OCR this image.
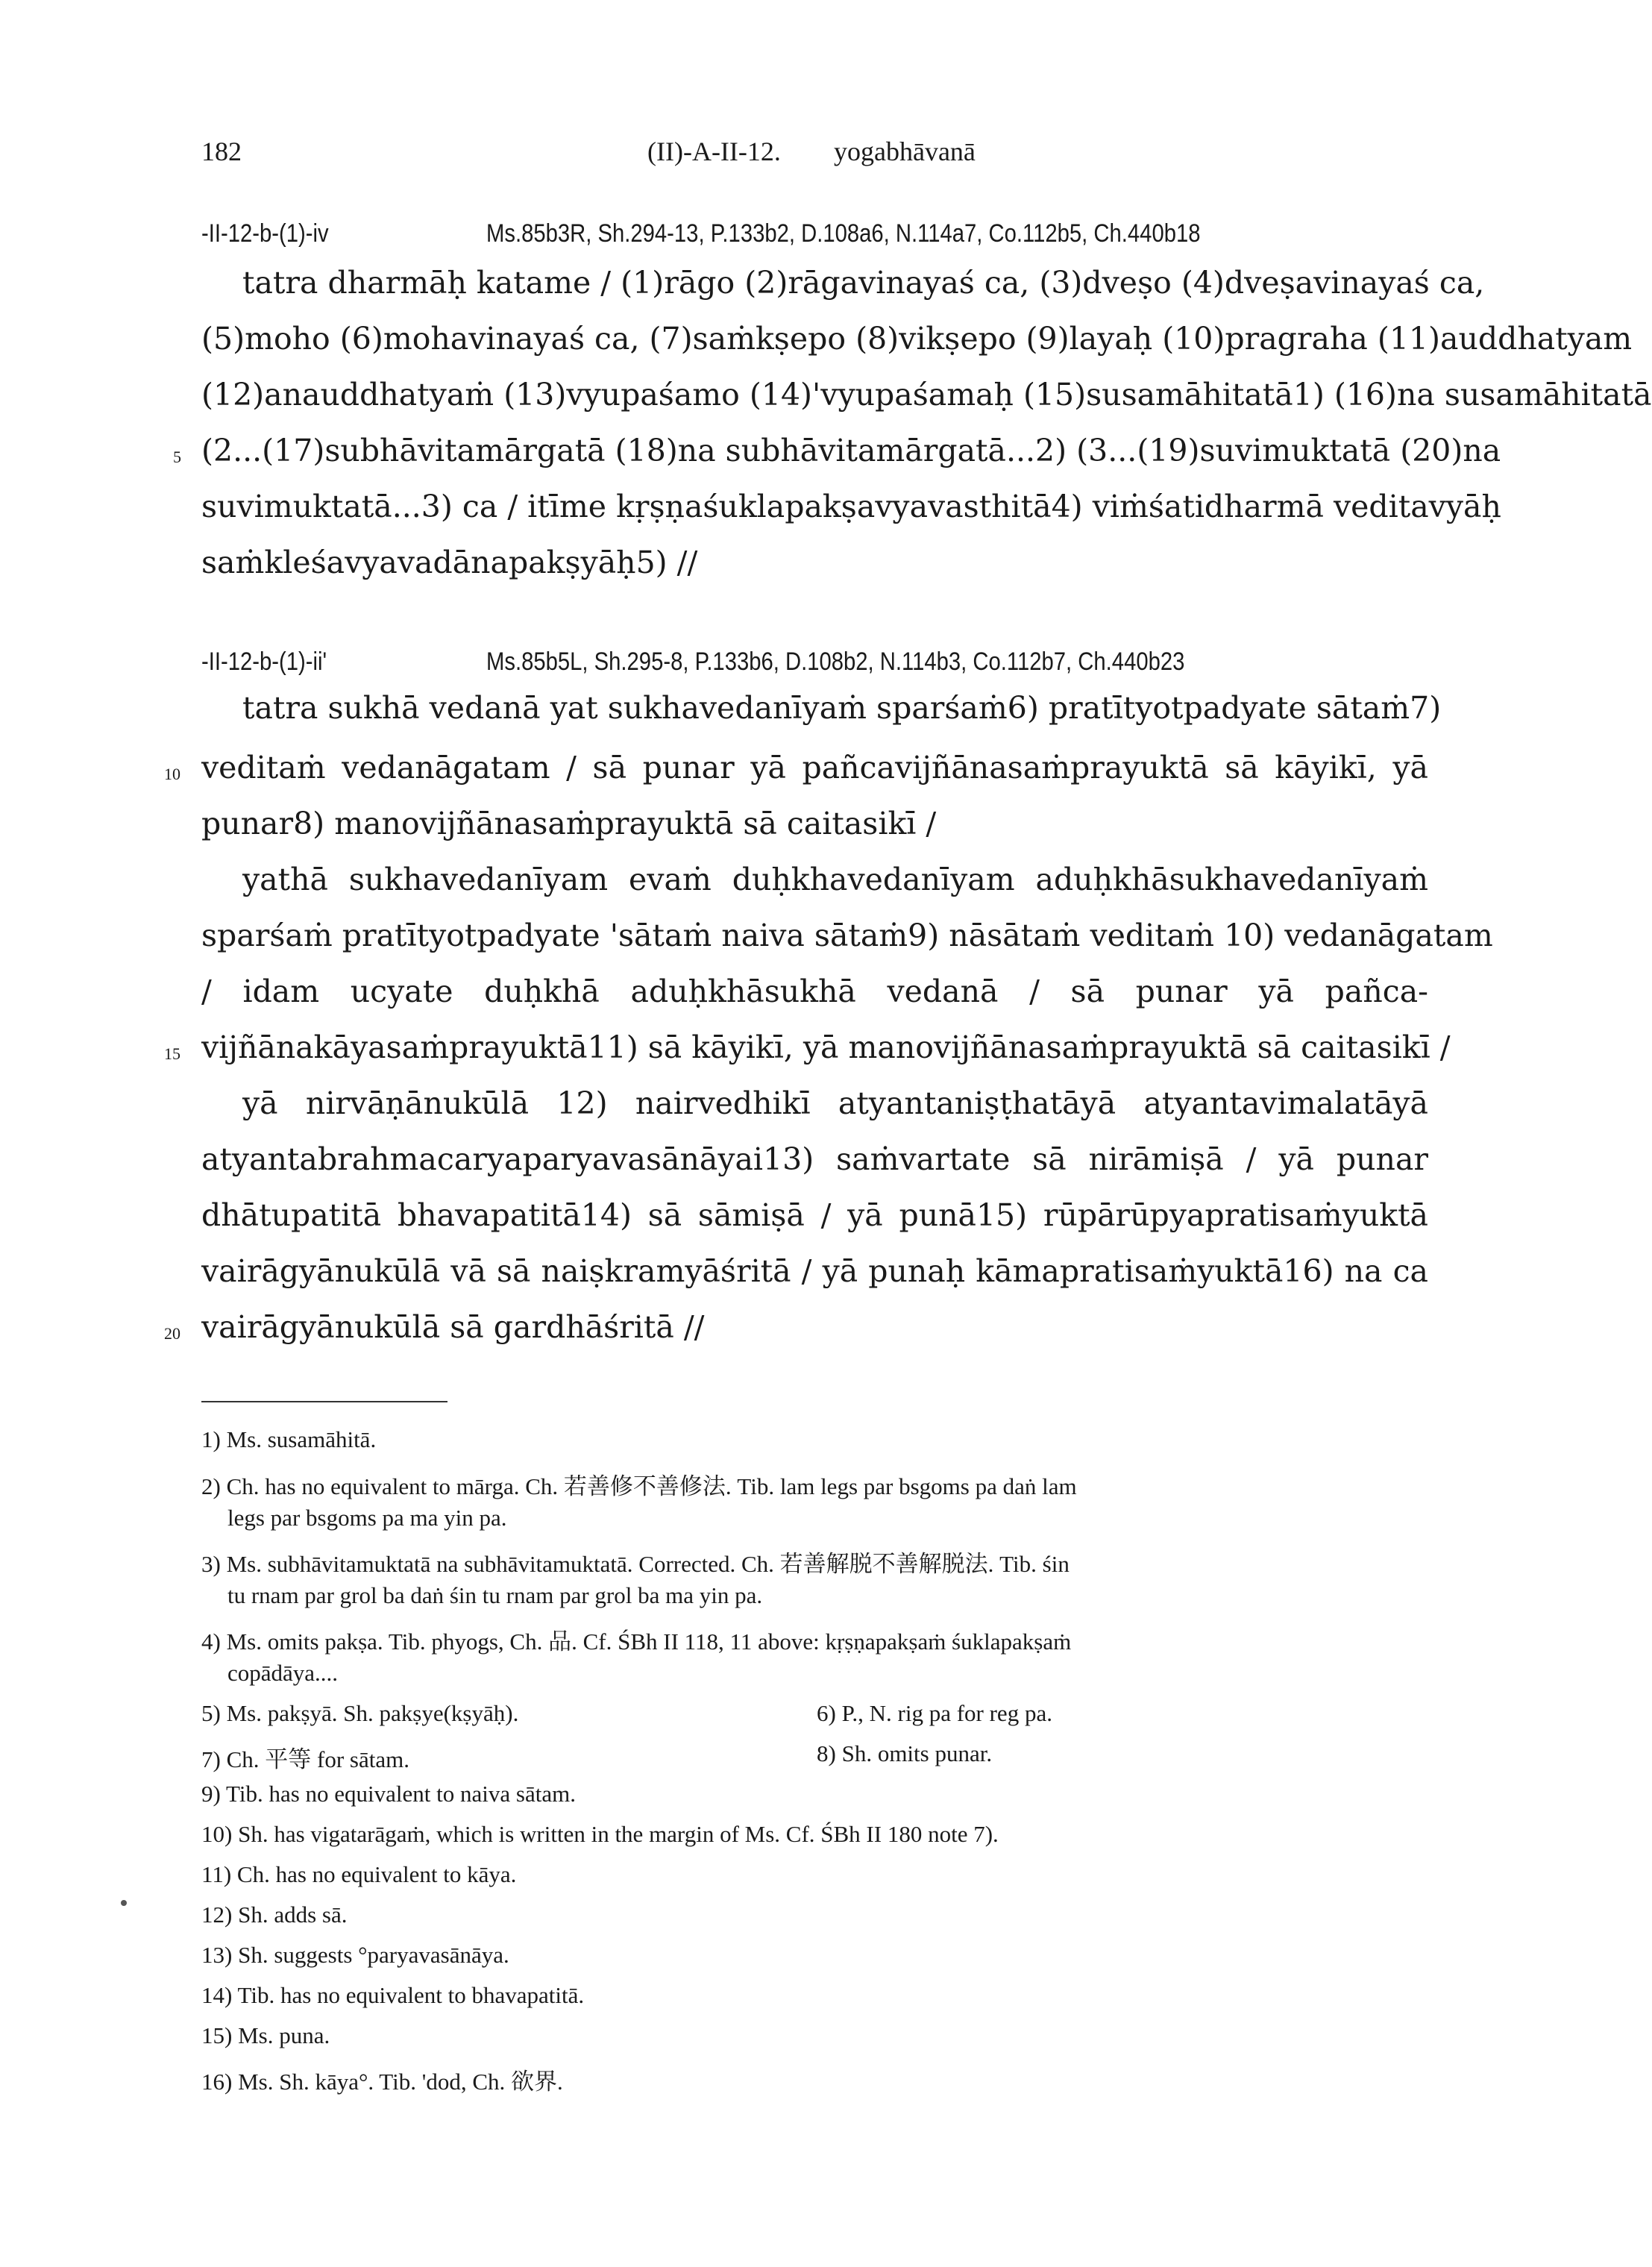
182	(II)-A-II-12. yogabhāvanā
-II-12-b-(1)-iv	Ms.85b3R, Sh.294-13, P.133b2, D.108a6, N.114a7, Co.112b5, Ch.440b18
tatra dharmāḥ katame / (1)rāgo (2)rāgavinayaś ca, (3)dveṣo (4)dveṣavinayaś ca,
(5)moho (6)mohavinayaś ca, (7)saṁkṣepo (8)vikṣepo (9)layaḥ (10)pragraha (11)auddhatyam
(12)anauddhatyaṁ (13)vyupaśamo (14)'vyupaśamaḥ (15)susamāhitatā1) (16)na susamāhitatā
(2...(17)subhāvitamārgatā (18)na subhāvitamārgatā...2) (3...(19)suvimuktatā (20)na
suvimuktatā...3) ca / itīme kṛṣṇaśuklapakṣavyavasthitā4) viṁśatidharmā veditavyāḥ
saṁkleśavyavadānapakṣyāḥ5) //
-II-12-b-(1)-ii'	Ms.85b5L, Sh.295-8, P.133b6, D.108b2, N.114b3, Co.112b7, Ch.440b23
tatra sukhā vedanā yat sukhavedanīyaṁ sparśaṁ6) pratītyotpadyate sātaṁ7)
veditaṁ vedanāgatam / sā punar yā pañcavijñānasaṁprayuktā sā kāyikī, yā
punar8) manovijñānasaṁprayuktā sā caitasikī /
yathā sukhavedanīyam evaṁ duḥkhavedanīyam aduḥkhāsukhavedanīyaṁ
sparśaṁ pratītyotpadyate 'sātaṁ naiva sātaṁ9) nāsātaṁ veditaṁ 10) vedanāgatam
/ idam ucyate duḥkhā aduḥkhāsukhā vedanā / sā punar yā pañca-
vijñānakāyasaṁprayuktā11) sā kāyikī, yā manovijñānasaṁprayuktā sā caitasikī /
yā nirvāṇānukūlā 12) nairvedhikī atyantaniṣṭhatāyā atyantavimalatāyā
atyantabrahmacaryaparyavasānāyai13) saṁvartate sā nirāmiṣā / yā punar
dhātupatitā bhavapatitā14) sā sāmiṣā / yā punā15) rūpārūpyapratisaṁyuktā
vairāgyānukūlā vā sā naiṣkramyāśritā / yā punaḥ kāmapratisaṁyuktā16) na ca
vairāgyānukūlā sā gardhāśritā //
5
10
15
20
1) Ms. susamāhitā.
2) Ch. has no equivalent to mārga. Ch. 若善修不善修法. Tib. lam legs par bsgoms pa daṅ lam
legs par bsgoms pa ma yin pa.
3) Ms. subhāvitamuktatā na subhāvitamuktatā. Corrected. Ch. 若善解脱不善解脱法. Tib. śin
tu rnam par grol ba daṅ śin tu rnam par grol ba ma yin pa.
4) Ms. omits pakṣa. Tib. phyogs, Ch. 品. Cf. ŚBh II 118, 11 above: kṛṣṇapakṣaṁ śuklapakṣaṁ
copādāya....
5) Ms. pakṣyā. Sh. pakṣye(kṣyāḥ).	6) P., N. rig pa for reg pa.
7) Ch. 平等 for sātam.	8) Sh. omits punar.
9) Tib. has no equivalent to naiva sātam.
10) Sh. has vigatarāgaṁ, which is written in the margin of Ms. Cf. ŚBh II 180 note 7).
11) Ch. has no equivalent to kāya.
12) Sh. adds sā.
13) Sh. suggests °paryavasānāya.
14) Tib. has no equivalent to bhavapatitā.
15) Ms. puna.
16) Ms. Sh. kāya°. Tib. 'dod, Ch. 欲界.
